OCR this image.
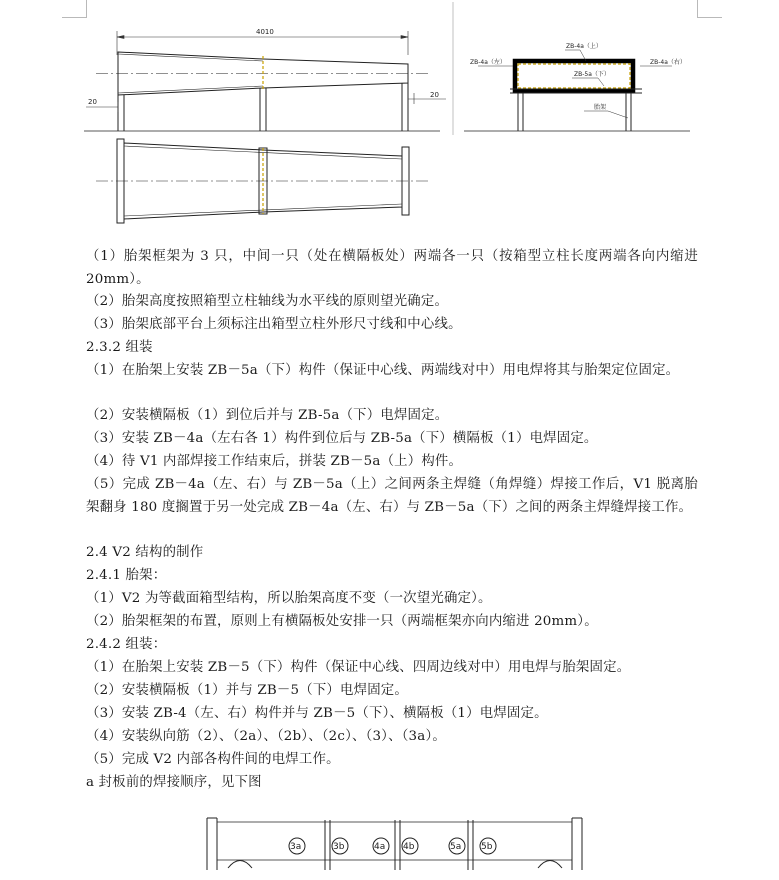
4010
20
20
ZB-4a（上）
ZB-4a（左）	ZB-4a（右）
ZB-5a（下）
胎架
（1）胎架框架为 3 只，中间一只（处在横隔板处）两端各一只（按箱型立柱长度两端各向内缩进 20mm）。
（2）胎架高度按照箱型立柱轴线为水平线的原则望光确定。
（3）胎架底部平台上须标注出箱型立柱外形尺寸线和中心线。
2.3.2 组装
（1）在胎架上安装 ZB－5a（下）构件（保证中心线、两端线对中）用电焊将其与胎架定位固定。
（2）安装横隔板（1）到位后并与 ZB-5a（下）电焊固定。
（3）安装 ZB－4a（左右各 1）构件到位后与 ZB-5a（下）横隔板（1）电焊固定。
（4）待 V1 内部焊接工作结束后，拼装 ZB－5a（上）构件。
（5）完成 ZB－4a（左、右）与 ZB－5a（上）之间两条主焊缝（角焊缝）焊接工作后，V1 脱离胎架翻身 180 度搁置于另一处完成 ZB－4a（左、右）与 ZB－5a（下）之间的两条主焊缝焊接工作。
2.4 V2 结构的制作
2.4.1 胎架：
（1）V2 为等截面箱型结构，所以胎架高度不变（一次望光确定）。
（2）胎架框架的布置，原则上有横隔板处安排一只（两端框架亦向内缩进 20mm）。
2.4.2 组装：
（1）在胎架上安装 ZB－5（下）构件（保证中心线、四周边线对中）用电焊与胎架固定。
（2）安装横隔板（1）并与 ZB－5（下）电焊固定。
（3）安装 ZB-4（左、右）构件并与 ZB－5（下）、横隔板（1）电焊固定。
（4）安装纵向筋（2）、（2a）、（2b）、（2c）、（3）、（3a）。
（5）完成 V2 内部各构件间的电焊工作。
a 封板前的焊接顺序，见下图
3a	3b	4a 4b	5a 5b
